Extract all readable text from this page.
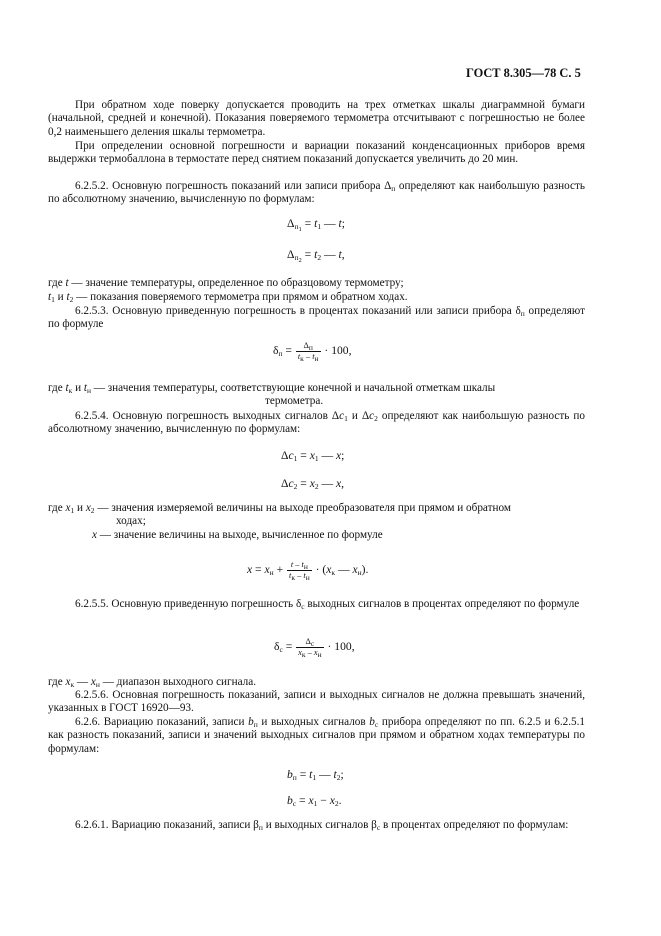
ГОСТ 8.305—78 С. 5
При обратном ходе поверку допускается проводить на трех отметках шкалы диаграммной бумаги (начальной, средней и конечной). Показания поверяемого термометра отсчитывают с погрешностью не более 0,2 наименьшего деления шкалы термометра.
При определении основной погрешности и вариации показаний конденсационных приборов время выдержки термобаллона в термостате перед снятием показаний допускается увеличить до 20 мин.
6.2.5.2. Основную погрешность показаний или записи прибора $\Delta_п$ определяют как наибольшую разность по абсолютному значению, вычисленную по формулам:
$\Delta_{п_1} = t_1$ — t;
$\Delta_{п_2} = t_2$ — t,
где t — значение температуры, определенное по образцовому термометру;
$t_1$ и $t_2$ — показания поверяемого термометра при прямом и обратном ходах.
6.2.5.3. Основную приведенную погрешность в процентах показаний или записи прибора $\delta_п$ определяют по формуле
$\delta_п = \frac{\Delta_п}{t_к - t_н} \cdot 100$,
где $t_к$ и $t_н$ — значения температуры, соответствующие конечной и начальной отметкам шкалы
термометра.
6.2.5.4. Основную погрешность выходных сигналов $\Delta c_1$ и $\Delta c_2$ определяют как наибольшую разность по абсолютному значению, вычисленную по формулам:
$\Delta c_1 = x_1$ — x;
$\Delta c_2 = x_2$ — x,
где $x_1$ и $x_2$ — значения измеряемой величины на выходе преобразователя при прямом и обратном
ходах;
x — значение величины на выходе, вычисленное по формуле
$x = x_н + \frac{t - t_н}{t_к - t_н} \cdot (x_к$ — $x_н$).
6.2.5.5. Основную приведенную погрешность $\delta_c$ выходных сигналов в процентах определяют по формуле
$\delta_c = \frac{\Delta_c}{x_к - x_н} \cdot 100$,
где $x_к$ — $x_н$ — диапазон выходного сигнала.
6.2.5.6. Основная погрешность показаний, записи и выходных сигналов не должна превышать значений, указанных в ГОСТ 16920—93.
6.2.6. Вариацию показаний, записи $b_п$ и выходных сигналов $b_c$ прибора определяют по пп. 6.2.5 и 6.2.5.1 как разность показаний, записи и значений выходных сигналов при прямом и обратном ходах температуры по формулам:
$b_п = t_1$ — $t_2$;
$b_c = x_1 - x_2$.
6.2.6.1. Вариацию показаний, записи $\beta_п$ и выходных сигналов $\beta_c$ в процентах определяют по формулам:
